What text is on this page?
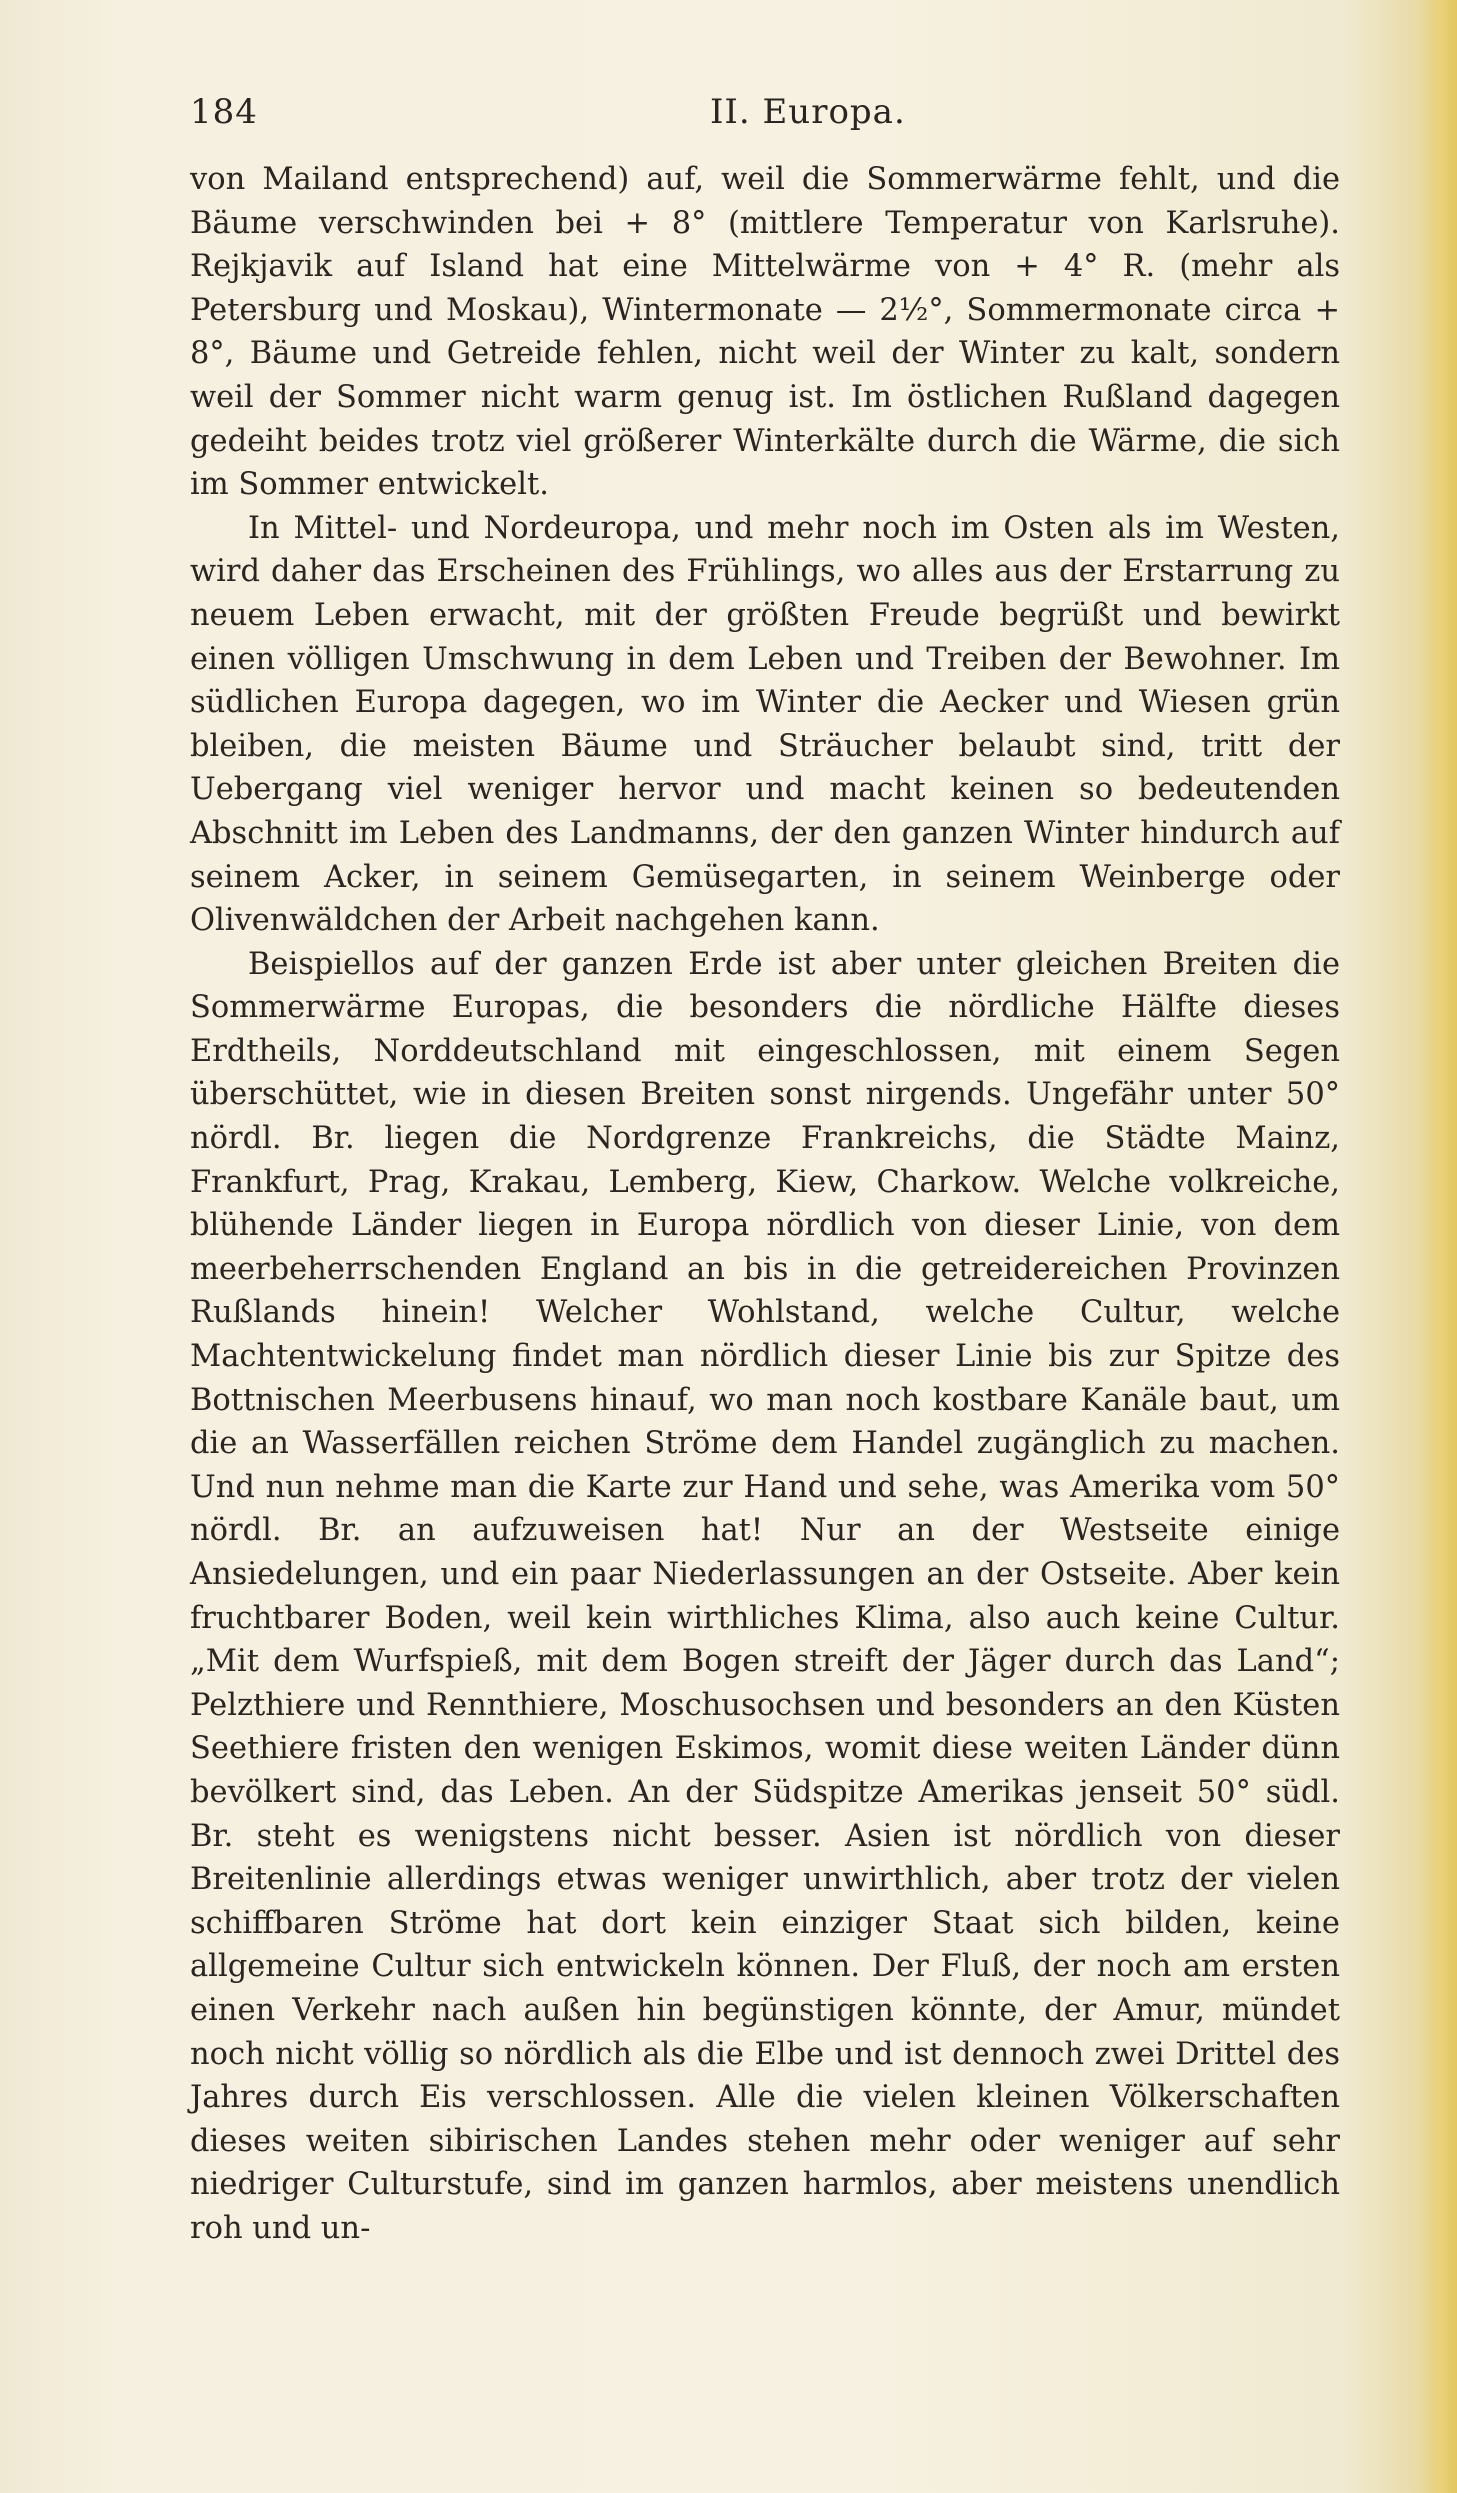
184	II. Europa.

von Mailand entsprechend) auf, weil die Sommerwärme fehlt, und die Bäume verschwinden bei + 8° (mittlere Temperatur von Karlsruhe). Rejkjavik auf Island hat eine Mittelwärme von + 4° R. (mehr als Petersburg und Moskau), Wintermonate — 2½°, Sommermonate circa + 8°, Bäume und Getreide fehlen, nicht weil der Winter zu kalt, sondern weil der Sommer nicht warm genug ist. Im östlichen Rußland dagegen gedeiht beides trotz viel größerer Winterkälte durch die Wärme, die sich im Sommer entwickelt.

In Mittel- und Nordeuropa, und mehr noch im Osten als im Westen, wird daher das Erscheinen des Frühlings, wo alles aus der Erstarrung zu neuem Leben erwacht, mit der größten Freude begrüßt und bewirkt einen völligen Umschwung in dem Leben und Treiben der Bewohner. Im südlichen Europa dagegen, wo im Winter die Aecker und Wiesen grün bleiben, die meisten Bäume und Sträucher belaubt sind, tritt der Uebergang viel weniger hervor und macht keinen so bedeutenden Abschnitt im Leben des Landmanns, der den ganzen Winter hindurch auf seinem Acker, in seinem Gemüsegarten, in seinem Weinberge oder Olivenwäldchen der Arbeit nachgehen kann.

Beispiellos auf der ganzen Erde ist aber unter gleichen Breiten die Sommerwärme Europas, die besonders die nördliche Hälfte dieses Erdtheils, Norddeutschland mit eingeschlossen, mit einem Segen überschüttet, wie in diesen Breiten sonst nirgends. Ungefähr unter 50° nördl. Br. liegen die Nordgrenze Frankreichs, die Städte Mainz, Frankfurt, Prag, Krakau, Lemberg, Kiew, Charkow. Welche volkreiche, blühende Länder liegen in Europa nördlich von dieser Linie, von dem meerbeherrschenden England an bis in die getreidereichen Provinzen Rußlands hinein! Welcher Wohlstand, welche Cultur, welche Machtentwickelung findet man nördlich dieser Linie bis zur Spitze des Bottnischen Meerbusens hinauf, wo man noch kostbare Kanäle baut, um die an Wasserfällen reichen Ströme dem Handel zugänglich zu machen. Und nun nehme man die Karte zur Hand und sehe, was Amerika vom 50° nördl. Br. an aufzuweisen hat! Nur an der Westseite einige Ansiedelungen, und ein paar Niederlassungen an der Ostseite. Aber kein fruchtbarer Boden, weil kein wirthliches Klima, also auch keine Cultur. „Mit dem Wurfspieß, mit dem Bogen streift der Jäger durch das Land“; Pelzthiere und Rennthiere, Moschusochsen und besonders an den Küsten Seethiere fristen den wenigen Eskimos, womit diese weiten Länder dünn bevölkert sind, das Leben. An der Südspitze Amerikas jenseit 50° südl. Br. steht es wenigstens nicht besser. Asien ist nördlich von dieser Breitenlinie allerdings etwas weniger unwirthlich, aber trotz der vielen schiffbaren Ströme hat dort kein einziger Staat sich bilden, keine allgemeine Cultur sich entwickeln können. Der Fluß, der noch am ersten einen Verkehr nach außen hin begünstigen könnte, der Amur, mündet noch nicht völlig so nördlich als die Elbe und ist dennoch zwei Drittel des Jahres durch Eis verschlossen. Alle die vielen kleinen Völkerschaften dieses weiten sibirischen Landes stehen mehr oder weniger auf sehr niedriger Culturstufe, sind im ganzen harmlos, aber meistens unendlich roh und un-
